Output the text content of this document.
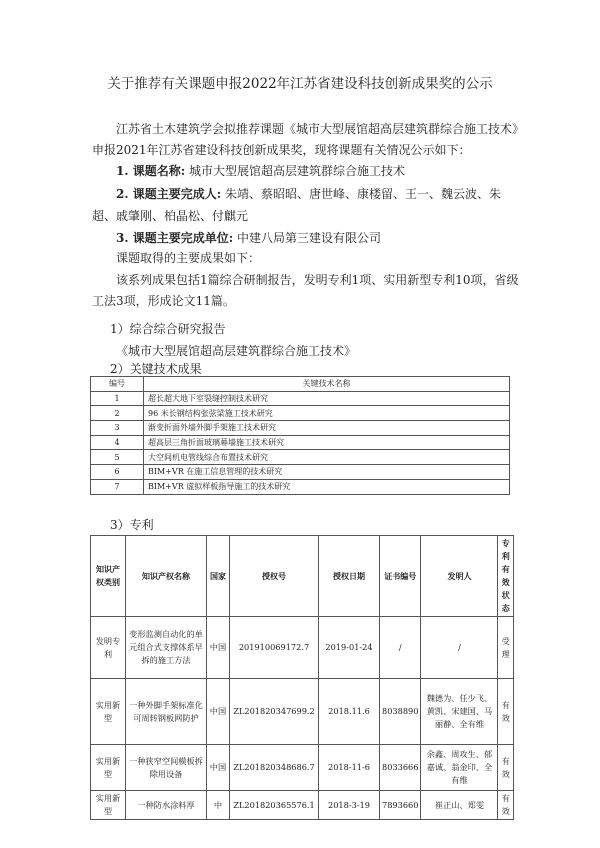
关于推荐有关课题申报2022年江苏省建设科技创新成果奖的公示
江苏省土木建筑学会拟推荐课题《城市大型展馆超高层建筑群综合施工技术》
申报2021年江苏省建设科技创新成果奖，现将课题有关情况公示如下：
1. 课题名称: 城市大型展馆超高层建筑群综合施工技术
2. 课题主要完成人: 朱靖、蔡昭昭、唐世峰、康楼留、王一、魏云波、朱
超、戚肇刚、柏晶松、付麒元
3. 课题主要完成单位: 中建八局第三建设有限公司
课题取得的主要成果如下：
该系列成果包括1篇综合研制报告，发明专利1项、实用新型专利10项，省级
工法3项，形成论文11篇。
1）综合综合研究报告
《城市大型展馆超高层建筑群综合施工技术》
2）关键技术成果
编号	关键技术名称
1	超长超大地下室裂缝控制技术研究
2	96 米长钢结构张弦梁施工技术研究
3	渐变折面外墙外脚手架施工技术研究
4	超高层三角折面玻璃幕墙施工技术研究
5	大空间机电管线综合布置技术研究
6	BIM+VR 在施工信息管理的技术研究
7	BIM+VR 虚拟样板指导施工的技术研究
3）专利
知识产权类别	知识产权名称	国家	授权号	授权日期	证书编号	发明人	专利有效状态
发明专利	变形监测自动化的单元组合式支撑体系早拆的施工方法	中国	201910069172.7	2019-01-24	/	/	受理
实用新型	一种外脚手架标准化可周转钢板网防护	中国	ZL201820347699.2	2018.11.6	8038890	魏德为、任少飞、黄凯、宋建国、马丽静、全有维	有效
实用新型	一种狭窄空间模板拆除用设备	中国	ZL201820348686.7	2018-11-6	8033666	余鑫、周攻生、郁嘉诚、翁金印、全有维	有效
实用新型	一种防水涂料厚	中	ZL201820365576.1	2018-3-19	7893660	崔正山、郑雯	有效
